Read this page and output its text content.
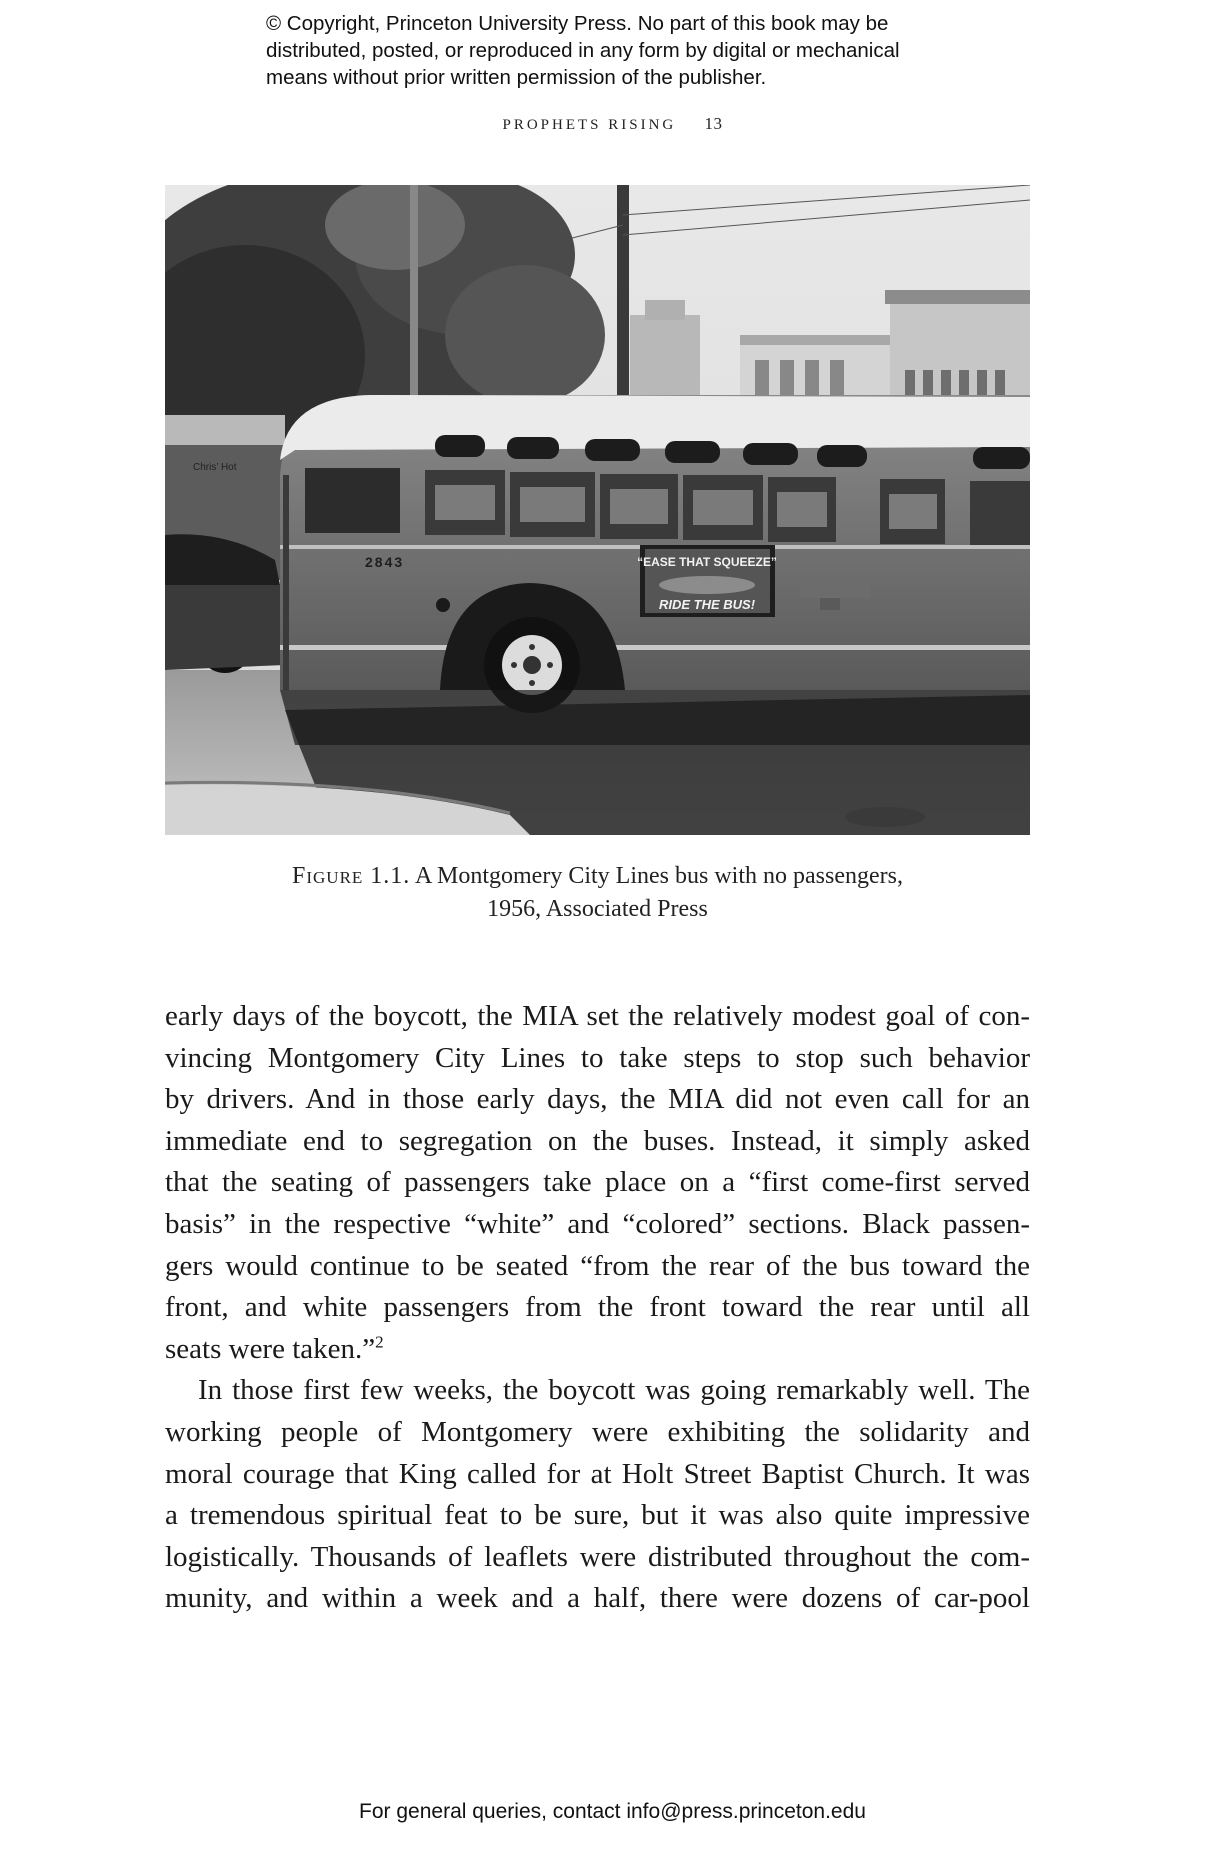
© Copyright, Princeton University Press. No part of this book may be
distributed, posted, or reproduced in any form by digital or mechanical
means without prior written permission of the publisher.
PROPHETS RISING 13
Chris’ Hot
2843	“EASE THAT SQUEEZE”
RIDE THE BUS!
Figure 1.1. A Montgomery City Lines bus with no passengers,
1956, Associated Press
early days of the boycott, the MIA set the relatively modest goal of con-
vincing Montgomery City Lines to take steps to stop such behavior
by drivers. And in those early days, the MIA did not even call for an
immediate end to segregation on the buses. Instead, it simply asked
that the seating of passengers take place on a “first come-first served
basis” in the respective “white” and “colored” sections. Black passen-
gers would continue to be seated “from the rear of the bus toward the
front, and white passengers from the front toward the rear until all
seats were taken.”$^2$
In those first few weeks, the boycott was going remarkably well. The
working people of Montgomery were exhibiting the solidarity and
moral courage that King called for at Holt Street Baptist Church. It was
a tremendous spiritual feat to be sure, but it was also quite impressive
logistically. Thousands of leaflets were distributed throughout the com-
munity, and within a week and a half, there were dozens of car-pool
For general queries, contact info@press.princeton.edu
